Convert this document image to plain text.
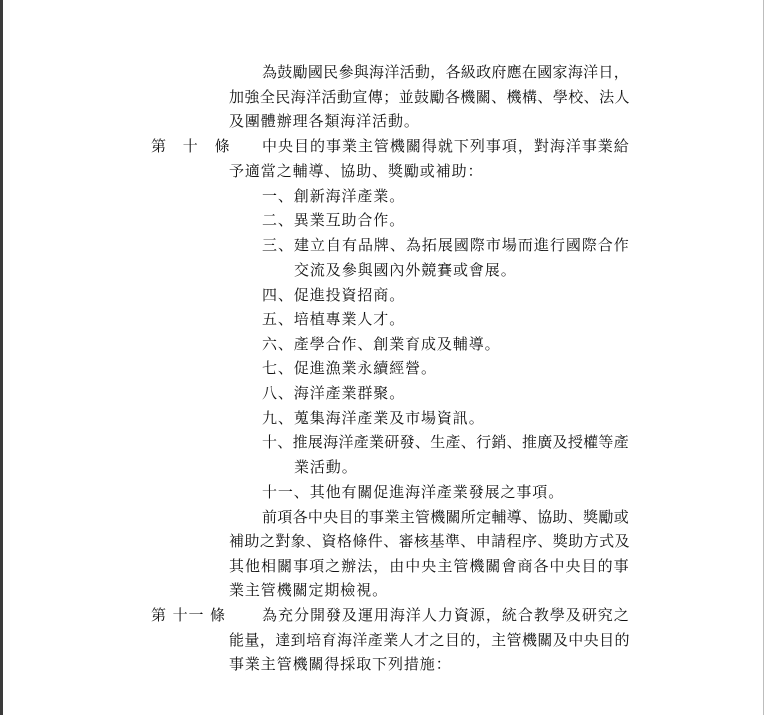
第　十　條
第 十一 條
為鼓勵國民參與海洋活動，各級政府應在國家海洋日，
加強全民海洋活動宣傳；並鼓勵各機關、機構、學校、法人
及團體辦理各類海洋活動。
中央目的事業主管機關得就下列事項，對海洋事業給
予適當之輔導、協助、獎勵或補助：
一、創新海洋產業。
二、異業互助合作。
三、建立自有品牌、為拓展國際市場而進行國際合作
交流及參與國內外競賽或會展。
四、促進投資招商。
五、培植專業人才。
六、產學合作、創業育成及輔導。
七、促進漁業永續經營。
八、海洋產業群聚。
九、蒐集海洋產業及市場資訊。
十、推展海洋產業研發、生產、行銷、推廣及授權等產
業活動。
十一、其他有關促進海洋產業發展之事項。
前項各中央目的事業主管機關所定輔導、協助、獎勵或
補助之對象、資格條件、審核基準、申請程序、獎助方式及
其他相關事項之辦法，由中央主管機關會商各中央目的事
業主管機關定期檢視。
為充分開發及運用海洋人力資源，統合教學及研究之
能量，達到培育海洋產業人才之目的，主管機關及中央目的
事業主管機關得採取下列措施：
